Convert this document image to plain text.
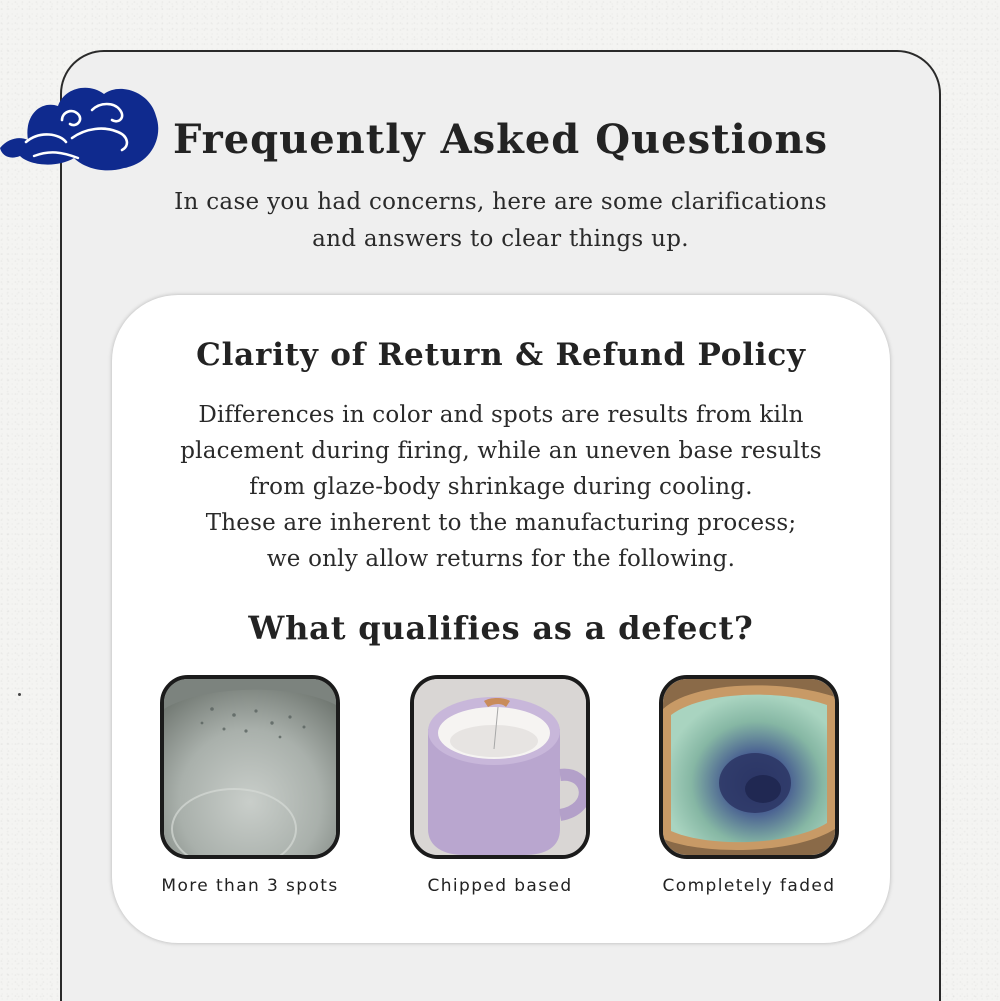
Frequently Asked Questions

In case you had concerns, here are some clarifications
and answers to clear things up.

Clarity of Return & Refund Policy

Differences in color and spots are results from kiln
placement during firing, while an uneven base results
from glaze-body shrinkage during cooling.
These are inherent to the manufacturing process;
we only allow returns for the following.

What qualifies as a defect?
More than 3 spots	Chipped based	Completely faded
